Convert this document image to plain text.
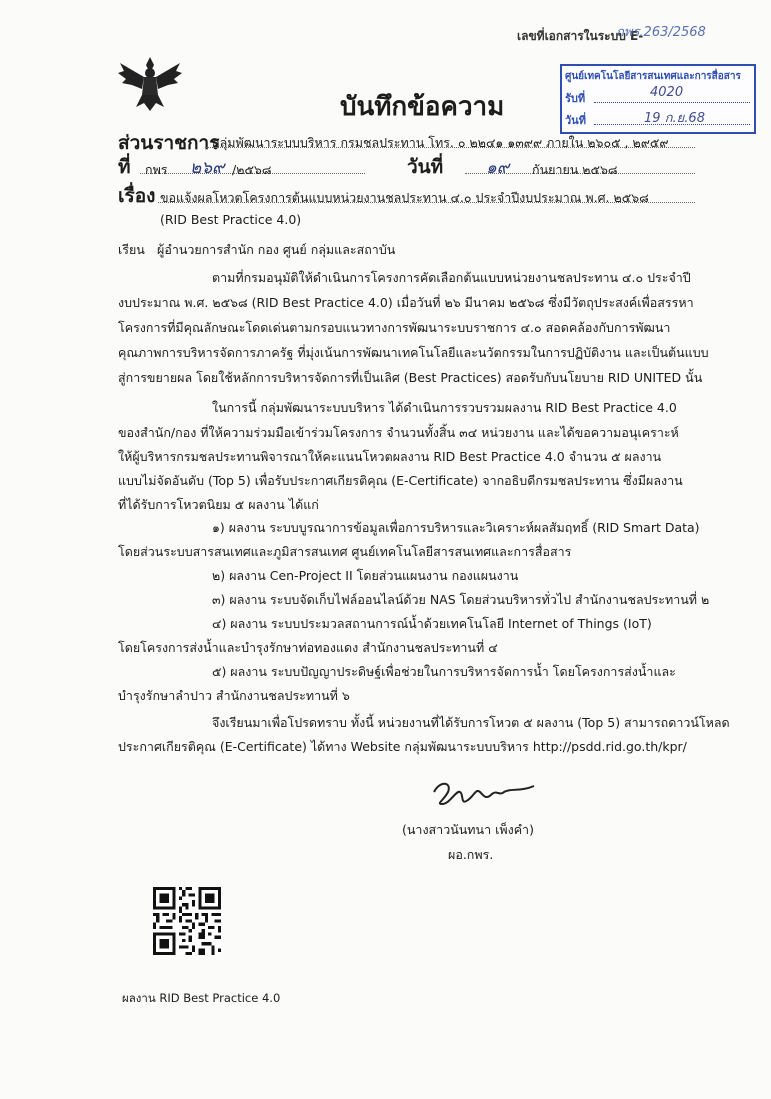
เลขที่เอกสารในระบบ E-
กพร.263/2568
ศูนย์เทคโนโลยีสารสนเทศและการสื่อสาร
รับที่	4020
วันที่	19 ก.ย.68
บันทึกข้อความ
ส่วนราชการ
กลุ่มพัฒนาระบบบริหาร กรมชลประทาน โทร. ๐ ๒๒๔๑ ๑๓๙๙ ภายใน ๒๖๐๕ , ๒๙๕๙
ที่ กพร ๒๖๙ /๒๕๖๘	วันที่	๑๙ กันยายน ๒๕๖๘
เรื่อง ขอแจ้งผลโหวตโครงการต้นแบบหน่วยงานชลประทาน ๔.๐ ประจำปีงบประมาณ พ.ศ. ๒๕๖๘
(RID Best Practice 4.0)
เรียน ผู้อำนวยการสำนัก กอง ศูนย์ กลุ่มและสถาบัน
ตามที่กรมอนุมัติให้ดำเนินการโครงการคัดเลือกต้นแบบหน่วยงานชลประทาน ๔.๐ ประจำปี
งบประมาณ พ.ศ. ๒๕๖๘ (RID Best Practice 4.0) เมื่อวันที่ ๒๖ มีนาคม ๒๕๖๘ ซึ่งมีวัตถุประสงค์เพื่อสรรหา
โครงการที่มีคุณลักษณะโดดเด่นตามกรอบแนวทางการพัฒนาระบบราชการ ๔.๐ สอดคล้องกับการพัฒนา
คุณภาพการบริหารจัดการภาครัฐ ที่มุ่งเน้นการพัฒนาเทคโนโลยีและนวัตกรรมในการปฏิบัติงาน และเป็นต้นแบบ
สู่การขยายผล โดยใช้หลักการบริหารจัดการที่เป็นเลิศ (Best Practices) สอดรับกับนโยบาย RID UNITED นั้น
ในการนี้ กลุ่มพัฒนาระบบบริหาร ได้ดำเนินการรวบรวมผลงาน RID Best Practice 4.0
ของสำนัก/กอง ที่ให้ความร่วมมือเข้าร่วมโครงการ จำนวนทั้งสิ้น ๓๔ หน่วยงาน และได้ขอความอนุเคราะห์
ให้ผู้บริหารกรมชลประทานพิจารณาให้คะแนนโหวตผลงาน RID Best Practice 4.0 จำนวน ๕ ผลงาน
แบบไม่จัดอันดับ (Top 5) เพื่อรับประกาศเกียรติคุณ (E-Certificate) จากอธิบดีกรมชลประทาน ซึ่งมีผลงาน
ที่ได้รับการโหวตนิยม ๕ ผลงาน ได้แก่
๑) ผลงาน ระบบบูรณาการข้อมูลเพื่อการบริหารและวิเคราะห์ผลสัมฤทธิ์ (RID Smart Data)
โดยส่วนระบบสารสนเทศและภูมิสารสนเทศ ศูนย์เทคโนโลยีสารสนเทศและการสื่อสาร
๒) ผลงาน Cen-Project II โดยส่วนแผนงาน กองแผนงาน
๓) ผลงาน ระบบจัดเก็บไฟล์ออนไลน์ด้วย NAS โดยส่วนบริหารทั่วไป สำนักงานชลประทานที่ ๒
๔) ผลงาน ระบบประมวลสถานการณ์น้ำด้วยเทคโนโลยี Internet of Things (IoT)
โดยโครงการส่งน้ำและบำรุงรักษาท่อทองแดง สำนักงานชลประทานที่ ๔
๕) ผลงาน ระบบปัญญาประดิษฐ์เพื่อช่วยในการบริหารจัดการน้ำ โดยโครงการส่งน้ำและ
บำรุงรักษาลำปาว สำนักงานชลประทานที่ ๖
จึงเรียนมาเพื่อโปรดทราบ ทั้งนี้ หน่วยงานที่ได้รับการโหวต ๕ ผลงาน (Top 5) สามารถดาวน์โหลด
ประกาศเกียรติคุณ (E-Certificate) ได้ทาง Website กลุ่มพัฒนาระบบบริหาร http://psdd.rid.go.th/kpr/
(นางสาวนันทนา เพ็งคำ)
ผอ.กพร.
ผลงาน RID Best Practice 4.0
